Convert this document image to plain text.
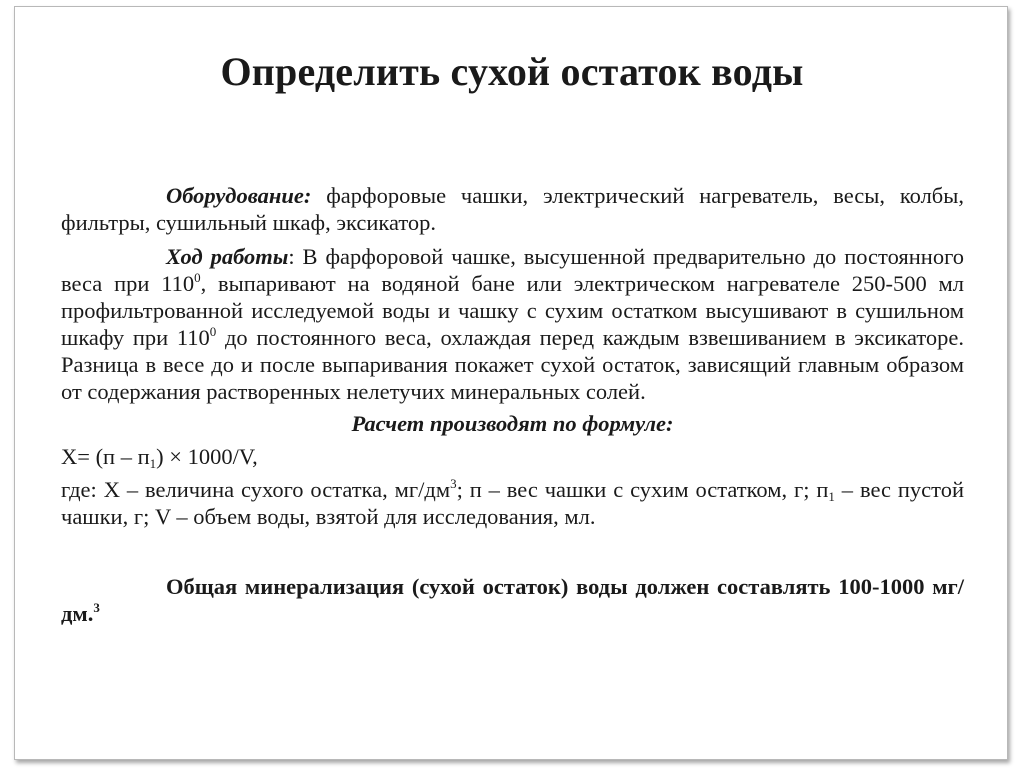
Определить сухой остаток воды

Оборудование: фарфоровые чашки, электрический нагреватель, весы, колбы, фильтры, сушильный шкаф, эксикатор.

Ход работы: В фарфоровой чашке, высушенной предварительно до постоянного веса при $110^0$, выпаривают на водяной бане или электрическом нагревателе 250-500 мл профильтрованной исследуемой воды и чашку с сухим остатком высушивают в сушильном шкафу при $110^0$ до постоянного веса, охлаждая перед каждым взвешиванием в эксикаторе. Разница в весе до и после выпаривания покажет сухой остаток, зависящий главным образом от содержания растворенных нелетучих минеральных солей.

Расчет производят по формуле:

$X= (п - п_1) \times 1000/V$,

где: X – величина сухого остатка, $мг/дм^3$; п – вес чашки с сухим остатком, г; $п_1$ – вес пустой чашки, г; V – объем воды, взятой для исследования, мл.

Общая минерализация (сухой остаток) воды должен составлять 100-1000 мг/дм.$^3$
